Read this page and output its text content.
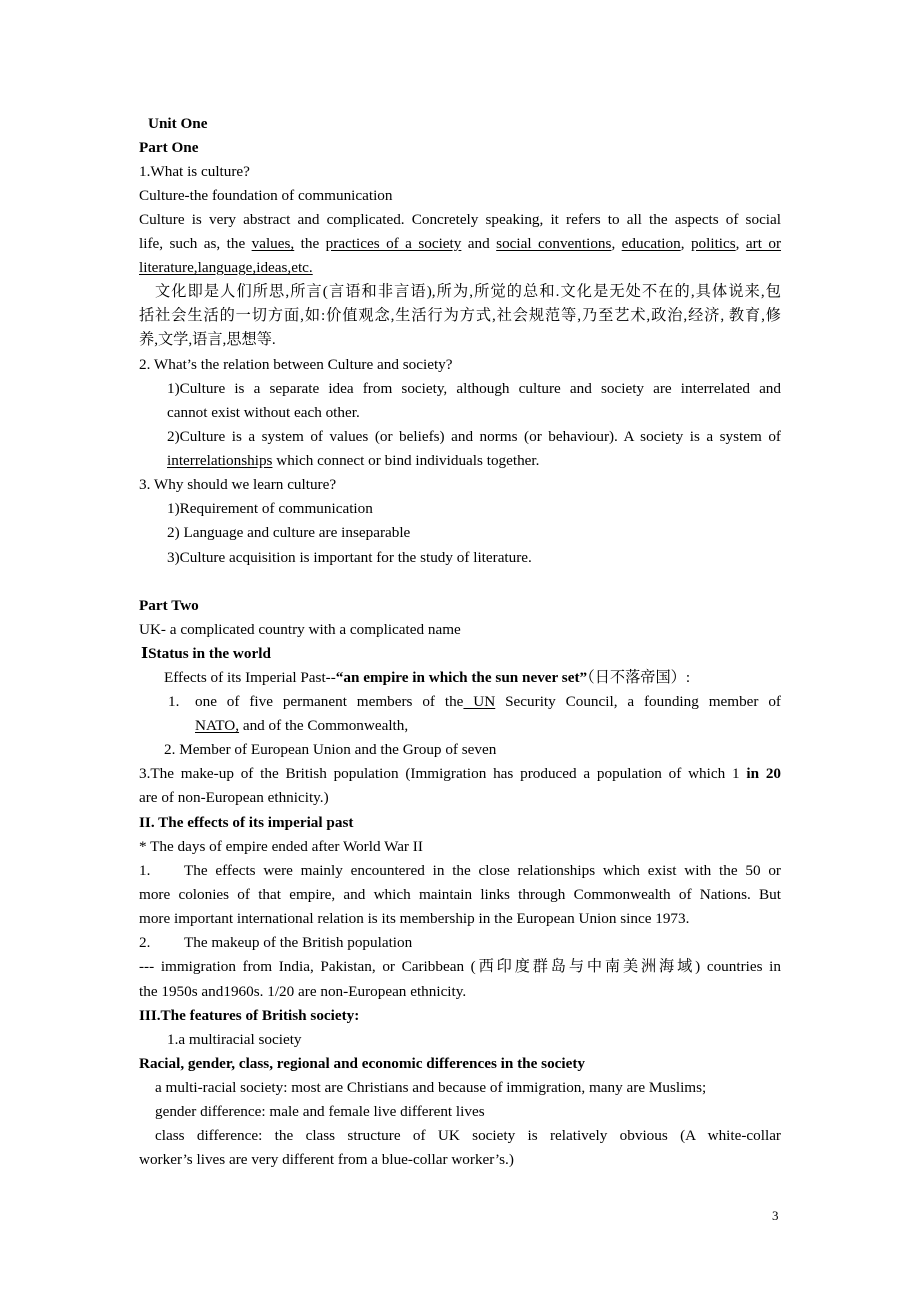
Unit One
Part One
1.What is culture?
Culture-the foundation of communication
Culture is very abstract and complicated. Concretely speaking, it refers to all the aspects of social
life, such as, the values, the practices of a society and social conventions, education, politics, art or
literature,language,ideas,etc.
文化即是人们所思,所言(言语和非言语),所为,所觉的总和.文化是无处不在的,具体说来,包
括社会生活的一切方面,如:价值观念,生活行为方式,社会规范等,乃至艺术,政治,经济, 教育,修
养,文学,语言,思想等.
2. What’s the relation between Culture and society?
1)Culture is a separate idea from society, although culture and society are interrelated and
cannot exist without each other.
2)Culture is a system of values (or beliefs) and norms (or behaviour). A society is a system of
interrelationships which connect or bind individuals together.
3. Why should we learn culture?
1)Requirement of communication
2) Language and culture are inseparable
3)Culture acquisition is important for the study of literature.
Part Two
UK- a complicated country with a complicated name
ⅠStatus in the world
Effects of its Imperial Past--“an empire in which the sun never set”（日不落帝国）:
1. one of five permanent members of the UN Security Council, a founding member of
NATO, and of the Commonwealth,
2. Member of European Union and the Group of seven
3.The make-up of the British population (Immigration has produced a population of which 1 in 20
are of non-European ethnicity.)
II. The effects of its imperial past
* The days of empire ended after World War II
1. The effects were mainly encountered in the close relationships which exist with the 50 or
more colonies of that empire, and which maintain links through Commonwealth of Nations. But
more important international relation is its membership in the European Union since 1973.
2. The makeup of the British population
--- immigration from India, Pakistan, or Caribbean (西印度群岛与中南美洲海域) countries in
the 1950s and1960s. 1/20 are non-European ethnicity.
III.The features of British society:
1.a multiracial society
Racial, gender, class, regional and economic differences in the society
a multi-racial society: most are Christians and because of immigration, many are Muslims;
gender difference: male and female live different lives
class difference: the class structure of UK society is relatively obvious (A white-collar
worker’s lives are very different from a blue-collar worker’s.)
3
